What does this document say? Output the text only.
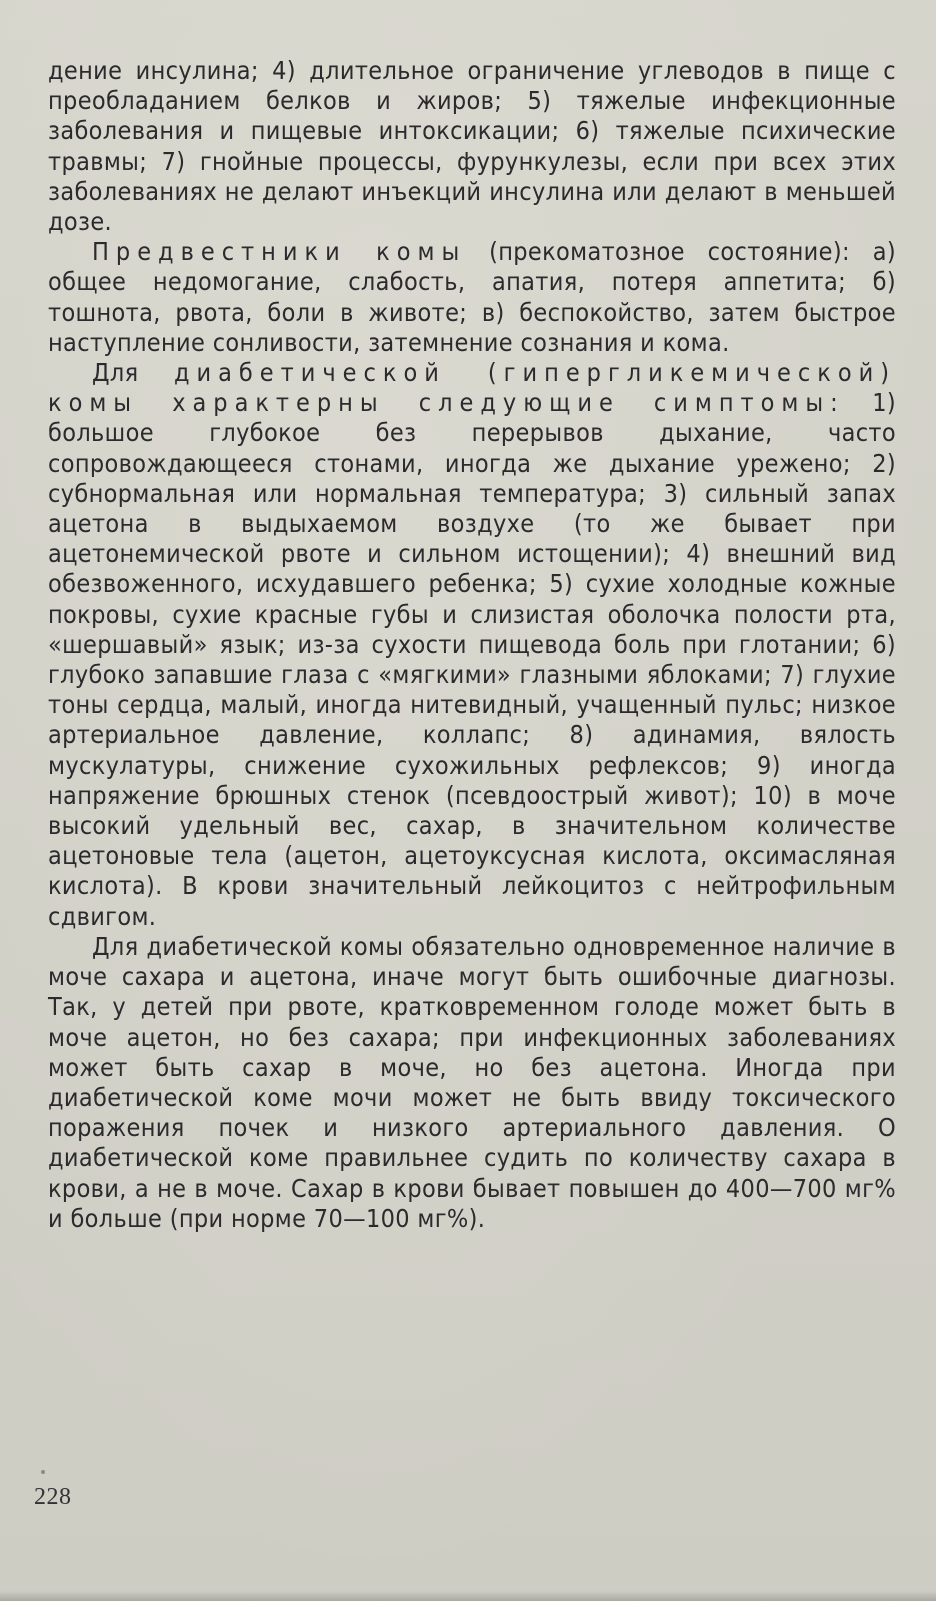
дение инсулина; 4) длительное ограничение углеводов в пище с преобладанием белков и жиров; 5) тяжелые инфекционные заболевания и пищевые интоксикации; 6) тяжелые психические травмы; 7) гнойные процессы, фурункулезы, если при всех этих заболеваниях не делают инъекций инсулина или делают в меньшей дозе.

Предвестники комы (прекоматозное состояние): а) общее недомогание, слабость, апатия, потеря аппетита; б) тошнота, рвота, боли в животе; в) беспокойство, затем быстрое наступление сонливости, затемнение сознания и кома.

Для диабетической (гипергликемической) комы характерны следующие симптомы: 1) большое глубокое без перерывов дыхание, часто сопровождающееся стонами, иногда же дыхание урежено; 2) субнормальная или нормальная температура; 3) сильный запах ацетона в выдыхаемом воздухе (то же бывает при ацетонемической рвоте и сильном истощении); 4) внешний вид обезвоженного, исхудавшего ребенка; 5) сухие холодные кожные покровы, сухие красные губы и слизистая оболочка полости рта, «шершавый» язык; из-за сухости пищевода боль при глотании; 6) глубоко запавшие глаза с «мягкими» глазными яблоками; 7) глухие тоны сердца, малый, иногда нитевидный, учащенный пульс; низкое артериальное давление, коллапс; 8) адинамия, вялость мускулатуры, снижение сухожильных рефлексов; 9) иногда напряжение брюшных стенок (псевдоострый живот); 10) в моче высокий удельный вес, сахар, в значительном количестве ацетоновые тела (ацетон, ацетоуксусная кислота, оксимасляная кислота). В крови значительный лейкоцитоз с нейтрофильным сдвигом.

Для диабетической комы обязательно одновременное наличие в моче сахара и ацетона, иначе могут быть ошибочные диагнозы. Так, у детей при рвоте, кратковременном голоде может быть в моче ацетон, но без сахара; при инфекционных заболеваниях может быть сахар в моче, но без ацетона. Иногда при диабетической коме мочи может не быть ввиду токсического поражения почек и низкого артериального давления. О диабетической коме правильнее судить по количеству сахара в крови, а не в моче. Сахар в крови бывает повышен до 400—700 мг% и больше (при норме 70—100 мг%).

228
